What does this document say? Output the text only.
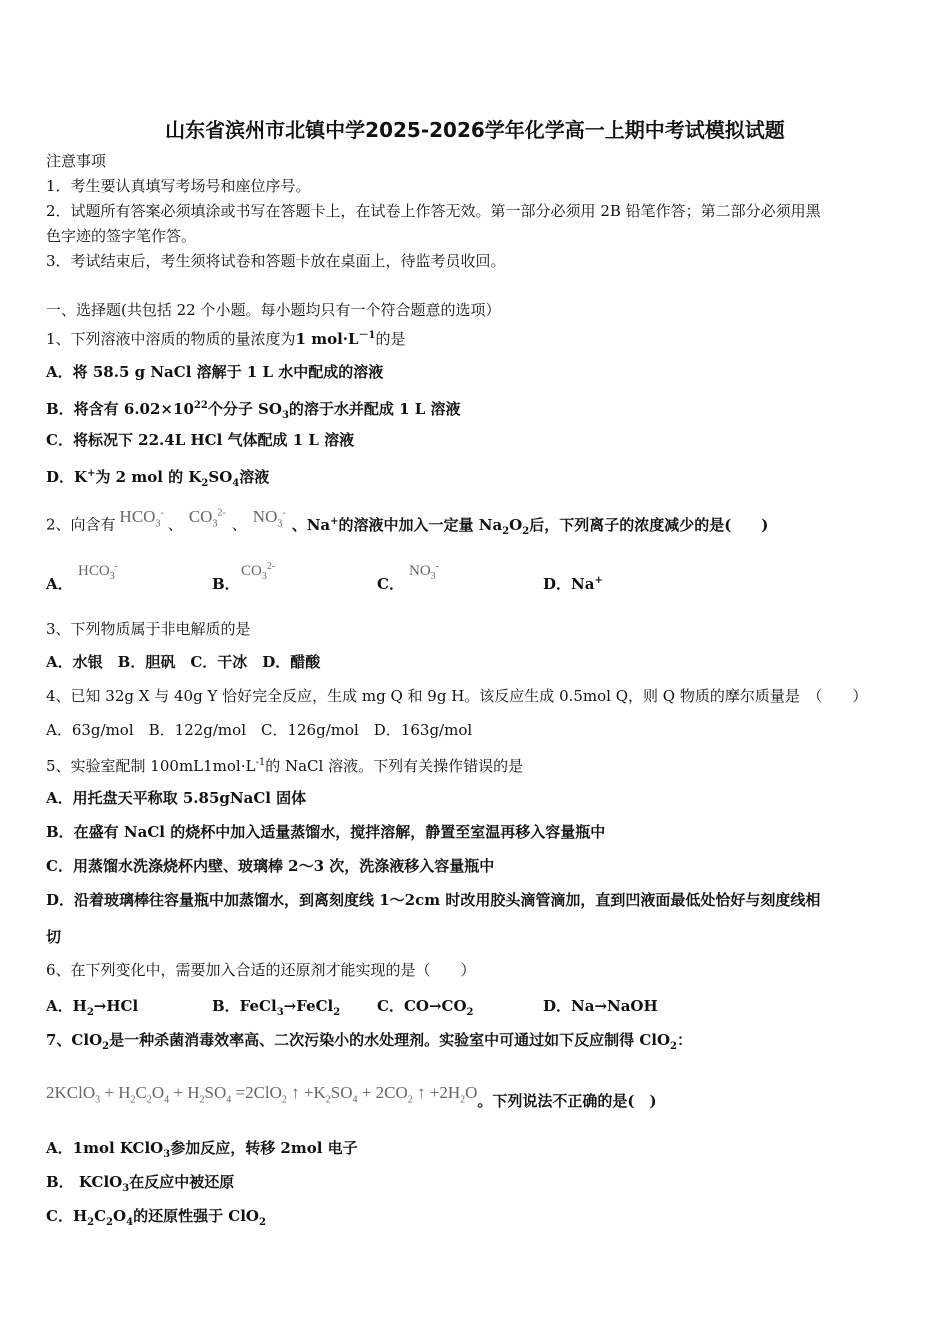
山东省滨州市北镇中学2025-2026学年化学高一上期中考试模拟试题
注意事项
1．考生要认真填写考场号和座位序号。
2．试题所有答案必须填涂或书写在答题卡上，在试卷上作答无效。第一部分必须用 2B 铅笔作答；第二部分必须用黑
色字迹的签字笔作答。
3．考试结束后，考生须将试卷和答题卡放在桌面上，待监考员收回。
一、选择题(共包括 22 个小题。每小题均只有一个符合题意的选项）
1、下列溶液中溶质的物质的量浓度为1 $mol\cdot L^{-1}$的是
A．将 58.5 g NaCl 溶解于 1 L 水中配成的溶液
B．将含有 $6.02\times 10^{22}$个分子 $SO_3$的溶于水并配成 1 L 溶液
C．将标况下 22.4L HCl 气体配成 1 L 溶液
D．K+为 2 mol 的 $K_2SO_4$溶液
2、向含有 $HCO_3^-$、 $CO_3^{2-}$、 $NO_3^-$、Na+的溶液中加入一定量 $Na_2O_2$后，下列离子的浓度减少的是(　　)
A．
$HCO_3^-$
B．
$CO_3^{2-}$
C．
$NO_3^-$
D．Na+
3、下列物质属于非电解质的是
A．水银　B．胆矾　C．干冰　D．醋酸
4、已知 32g X 与 40g Y 恰好完全反应，生成 mg Q 和 9g H。该反应生成 0.5mol Q，则 Q 物质的摩尔质量是　（　　）
A．63g/mol　B．122g/mol　C．126g/mol　D．163g/mol
5、实验室配制 $100mL1mol\cdot L^{-1}$的 NaCl 溶液。下列有关操作错误的是
A．用托盘天平称取 5.85gNaCl 固体
B．在盛有 NaCl 的烧杯中加入适量蒸馏水，搅拌溶解，静置至室温再移入容量瓶中
C．用蒸馏水洗涤烧杯内壁、玻璃棒 2～3 次，洗涤液移入容量瓶中
D．沿着玻璃棒往容量瓶中加蒸馏水，到离刻度线 1～2cm 时改用胶头滴管滴加，直到凹液面最低处恰好与刻度线相
切
6、在下列变化中，需要加入合适的还原剂才能实现的是（　　）
A．$H_2\to HCl$	B．FeCl$_3$→FeCl$_2$ C．$CO\to CO_2$	D．Na→NaOH
7、ClO$_2$是一种杀菌消毒效率高、二次污染小的水处理剂。实验室中可通过如下反应制得 ClO$_2$：
2KClO$_3$ + $H_2C_2O_4 + H_2SO_4 =2ClO_2$ ↑ $+K_2SO_4 + 2CO_2$ ↑ $+2H_2O$。下列说法不正确的是(　)
A．1mol KClO$_3$参加反应，转移 2mol 电子
B． KClO$_3$在反应中被还原
C．$H_2C_2O_4$的还原性强于 ClO$_2$
